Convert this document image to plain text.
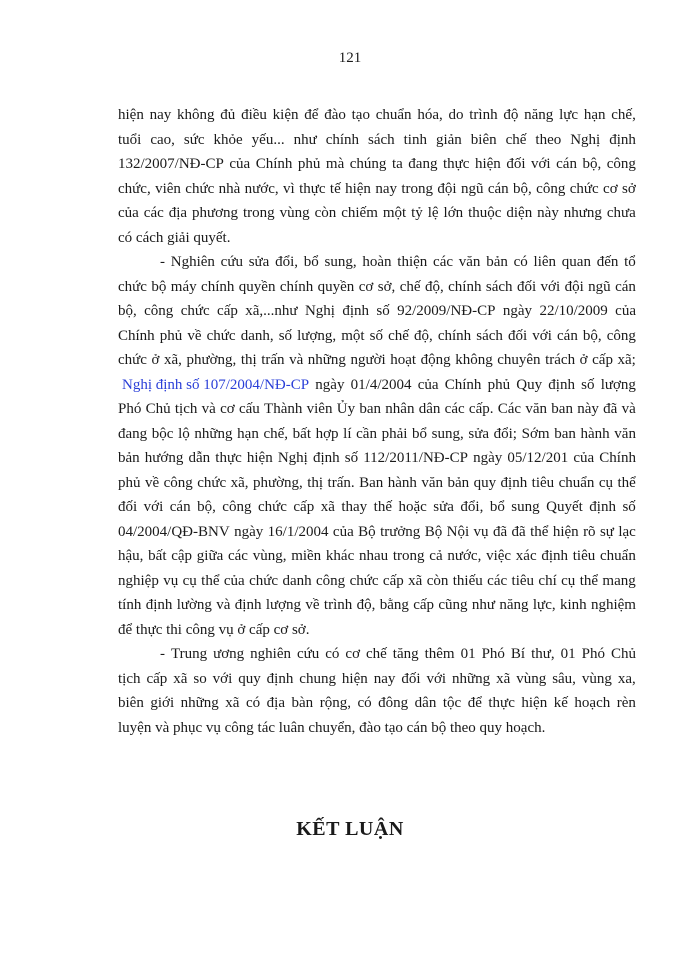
121
hiện nay không đủ điều kiện để đào tạo chuẩn hóa, do trình độ năng lực hạn chế,
tuổi cao, sức khỏe yếu... như chính sách tinh giản biên chế theo Nghị định
132/2007/NĐ-CP của Chính phủ mà chúng ta đang thực hiện đối với cán bộ, công
chức, viên chức nhà nước, vì thực tế hiện nay trong đội ngũ cán bộ, công chức cơ sở
của các địa phương trong vùng còn chiếm một tỷ lệ lớn thuộc diện này nhưng chưa
có cách giải quyết.
- Nghiên cứu sửa đổi, bổ sung, hoàn thiện các văn bản có liên quan đến tổ
chức bộ máy chính quyền chính quyền cơ sở, chế độ, chính sách đối với đội ngũ cán
bộ, công chức cấp xã,...như Nghị định số 92/2009/NĐ-CP ngày 22/10/2009 của
Chính phủ về chức danh, số lượng, một số chế độ, chính sách đối với cán bộ, công
chức ở xã, phường, thị trấn và những người hoạt động không chuyên trách ở cấp xã;
Nghị định số 107/2004/NĐ-CP ngày 01/4/2004 của Chính phủ Quy định số lượng
Phó Chủ tịch và cơ cấu Thành viên Ủy ban nhân dân các cấp. Các văn ban này đã và
đang bộc lộ những hạn chế, bất hợp lí cần phải bổ sung, sửa đổi; Sớm ban hành văn
bản hướng dẫn thực hiện Nghị định số 112/2011/NĐ-CP ngày 05/12/201 của Chính
phủ về công chức xã, phường, thị trấn. Ban hành văn bản quy định tiêu chuẩn cụ thể
đối với cán bộ, công chức cấp xã thay thế hoặc sửa đổi, bổ sung Quyết định số
04/2004/QĐ-BNV ngày 16/1/2004 của Bộ trưởng Bộ Nội vụ đã đã thể hiện rõ sự lạc
hậu, bất cập giữa các vùng, miền khác nhau trong cả nước, việc xác định tiêu chuẩn
nghiệp vụ cụ thể của chức danh công chức cấp xã còn thiếu các tiêu chí cụ thể mang
tính định lường và định lượng về trình độ, bằng cấp cũng như năng lực, kinh nghiệm
để thực thi công vụ ở cấp cơ sở.
- Trung ương nghiên cứu có cơ chế tăng thêm 01 Phó Bí thư, 01 Phó Chủ
tịch cấp xã so với quy định chung hiện nay đối với những xã vùng sâu, vùng xa,
biên giới những xã có địa bàn rộng, có đông dân tộc để thực hiện kế hoạch rèn
luyện và phục vụ công tác luân chuyển, đào tạo cán bộ theo quy hoạch.
KẾT LUẬN
